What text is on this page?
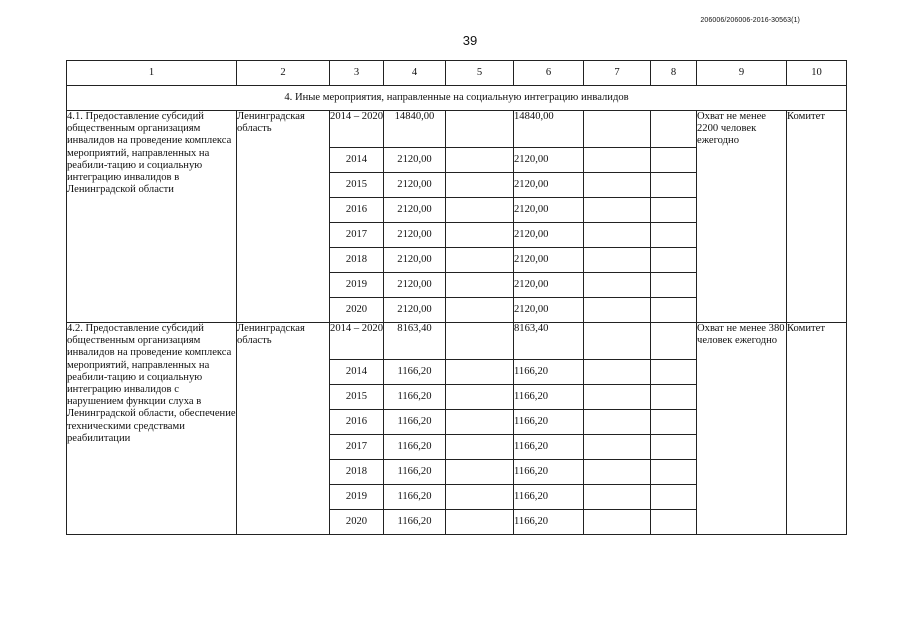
206006/206006-2016-30563(1)
39
1	2	3	4	5	6	7	8	9	10
4. Иные мероприятия, направленные на социальную интеграцию инвалидов									
4.1. Предоставление субсидий общественным организациям инвалидов на проведение комплекса мероприятий, направленных на реабили-тацию и социальную интеграцию инвалидов в Ленинградской области	Ленинградская область	2014 – 2020	14840,00		14840,00			Охват не менее 2200 человек ежегодно	Комитет
		2014	2120,00		2120,00				
		2015	2120,00		2120,00				
		2016	2120,00		2120,00				
		2017	2120,00		2120,00				
		2018	2120,00		2120,00				
		2019	2120,00		2120,00				
		2020	2120,00		2120,00				
4.2. Предоставление субсидий общественным организациям инвалидов на проведение комплекса мероприятий, направленных на реабили-тацию и социальную интеграцию инвалидов с нарушением функции слуха в Ленинградской области, обеспечение техническими средствами реабилитации	Ленинградская область	2014 – 2020	8163,40		8163,40			Охват не менее 380 человек ежегодно	Комитет
		2014	1166,20		1166,20				
		2015	1166,20		1166,20				
		2016	1166,20		1166,20				
		2017	1166,20		1166,20				
		2018	1166,20		1166,20				
		2019	1166,20		1166,20				
		2020	1166,20		1166,20				
